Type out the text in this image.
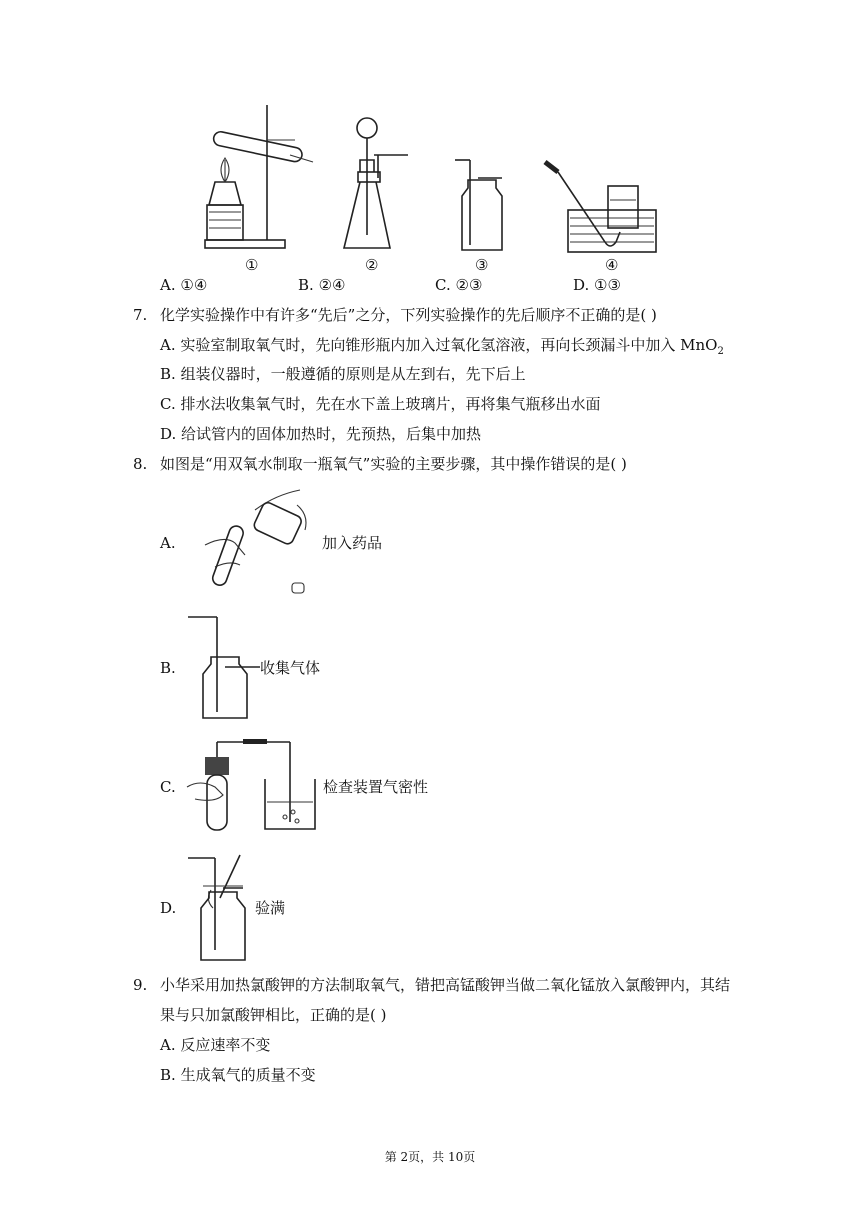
①	②	③	④
A. ①④	B. ②④	C. ②③	D. ①③
7. 化学实验操作中有许多“先后”之分，下列实验操作的先后顺序不正确的是( )
A. 实验室制取氧气时，先向锥形瓶内加入过氧化氢溶液，再向长颈漏斗中加入 MnO$_2$
B. 组装仪器时，一般遵循的原则是从左到右，先下后上
C. 排水法收集氧气时，先在水下盖上玻璃片，再将集气瓶移出水面
D. 给试管内的固体加热时，先预热，后集中加热
8. 如图是“用双氧水制取一瓶氧气”实验的主要步骤，其中操作错误的是( )
A.	加入药品
B.	收集气体
C.	检查装置气密性
D.	验满
9. 小华采用加热氯酸钾的方法制取氧气，错把高锰酸钾当做二氧化锰放入氯酸钾内，其结
果与只加氯酸钾相比，正确的是( )
A. 反应速率不变
B. 生成氧气的质量不变
第 2页，共 10页
